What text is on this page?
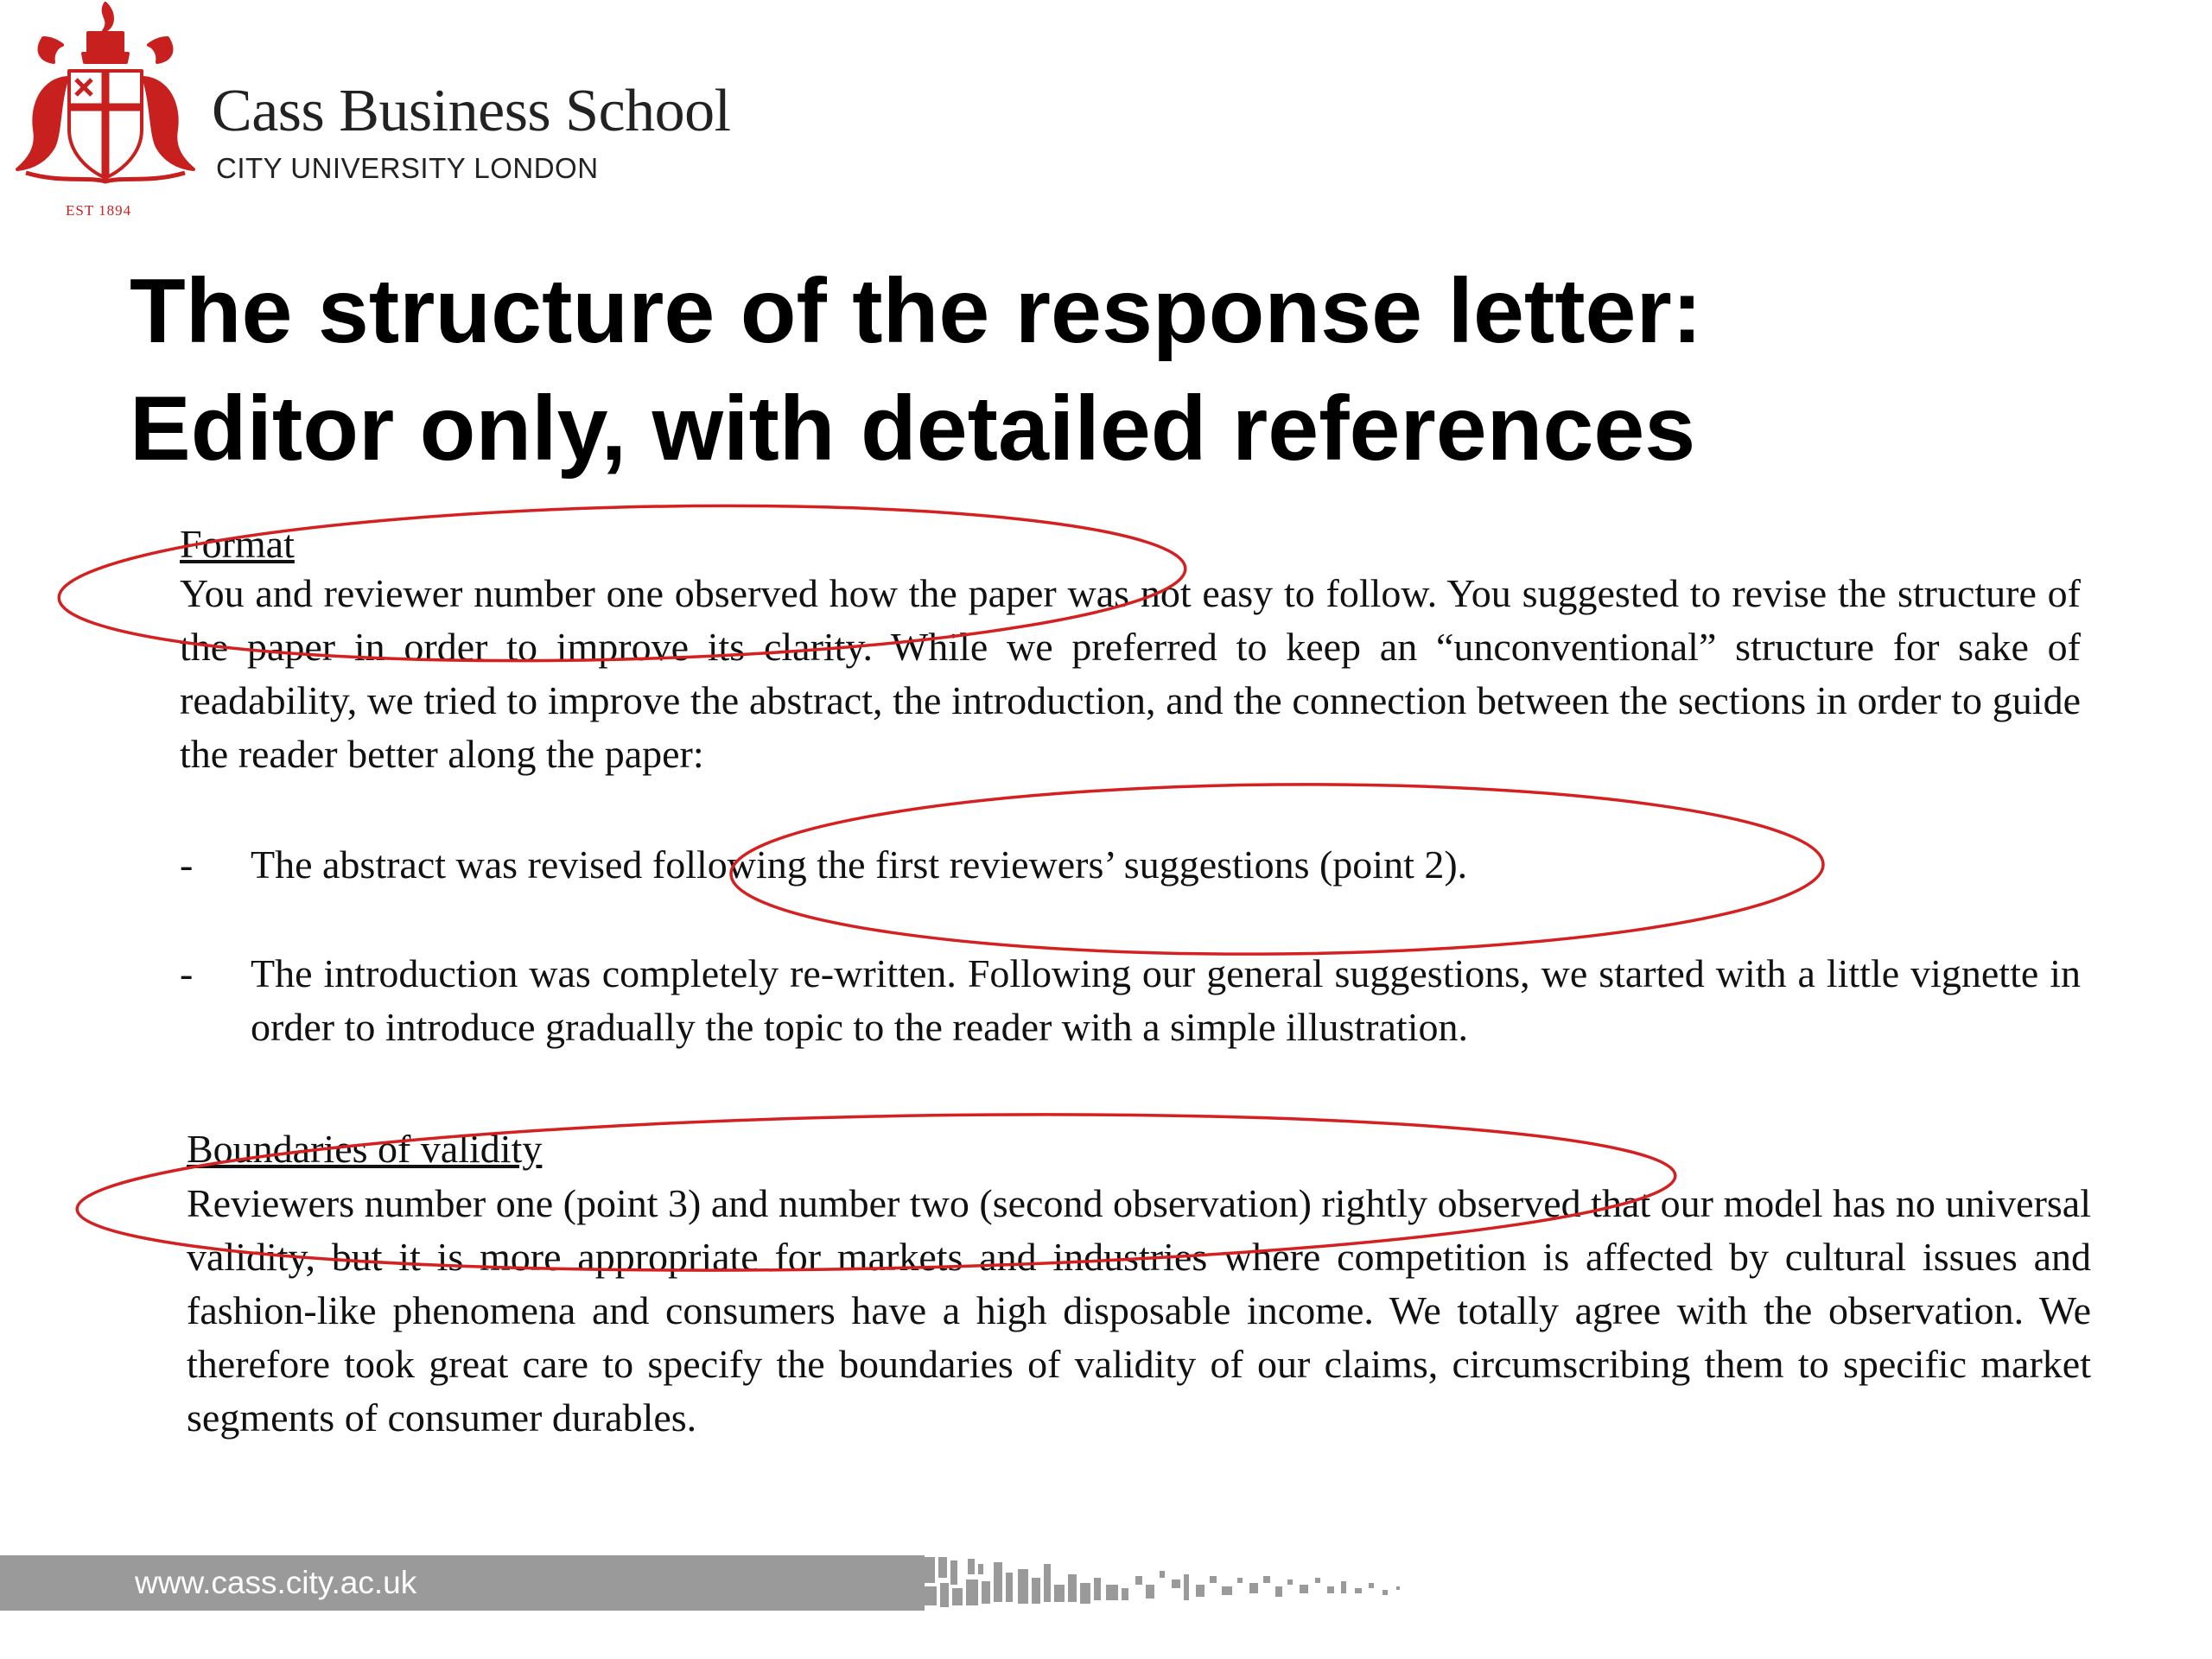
EST 1894
Cass Business School
CITY UNIVERSITY LONDON
The structure of the response letter:
Editor only, with detailed references
Format
You and reviewer number one observed how the paper was not easy to follow. You suggested to revise the structure of the paper in order to improve its clarity. While we preferred to keep an “unconventional” structure for sake of readability, we tried to improve the abstract, the introduction, and the connection between the sections in order to guide the reader better along the paper:
- The abstract was revised following the first reviewers’ suggestions (point 2).
- The introduction was completely re-written. Following our general suggestions, we started with a little vignette in order to introduce gradually the topic to the reader with a simple illustration.
Boundaries of validity
Reviewers number one (point 3) and number two (second observation) rightly observed that our model has no universal validity, but it is more appropriate for markets and industries where competition is affected by cultural issues and fashion-like phenomena and consumers have a high disposable income. We totally agree with the observation. We therefore took great care to specify the boundaries of validity of our claims, circumscribing them to specific market segments of consumer durables.
www.cass.city.ac.uk
